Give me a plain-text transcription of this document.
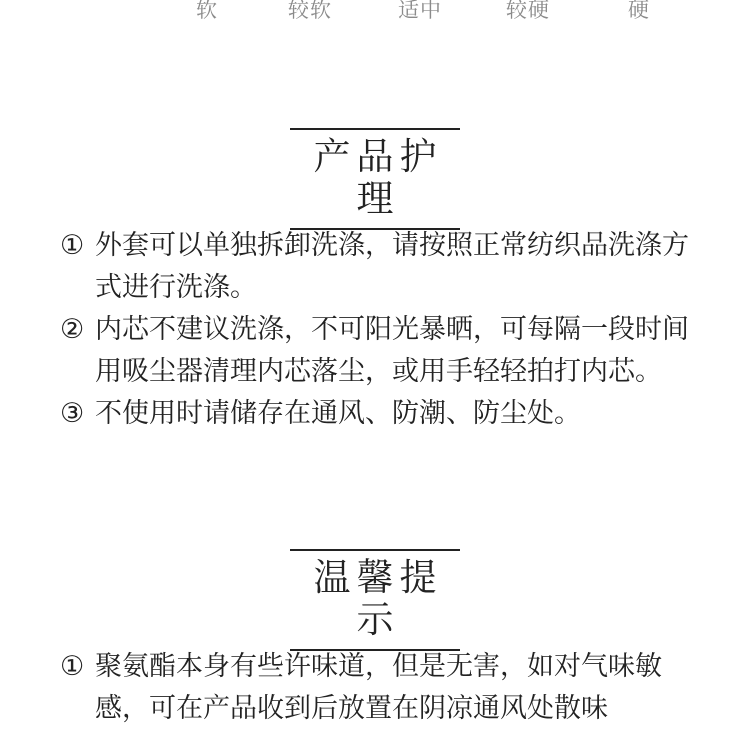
软	较软	适中	较硬	硬
产品护理
① 外套可以单独拆卸洗涤，请按照正常纺织品洗涤方式进行洗涤。
② 内芯不建议洗涤，不可阳光暴晒，可每隔一段时间用吸尘器清理内芯落尘，或用手轻轻拍打内芯。
③ 不使用时请储存在通风、防潮、防尘处。
温馨提示
① 聚氨酯本身有些许味道，但是无害，如对气味敏感，可在产品收到后放置在阴凉通风处散味
